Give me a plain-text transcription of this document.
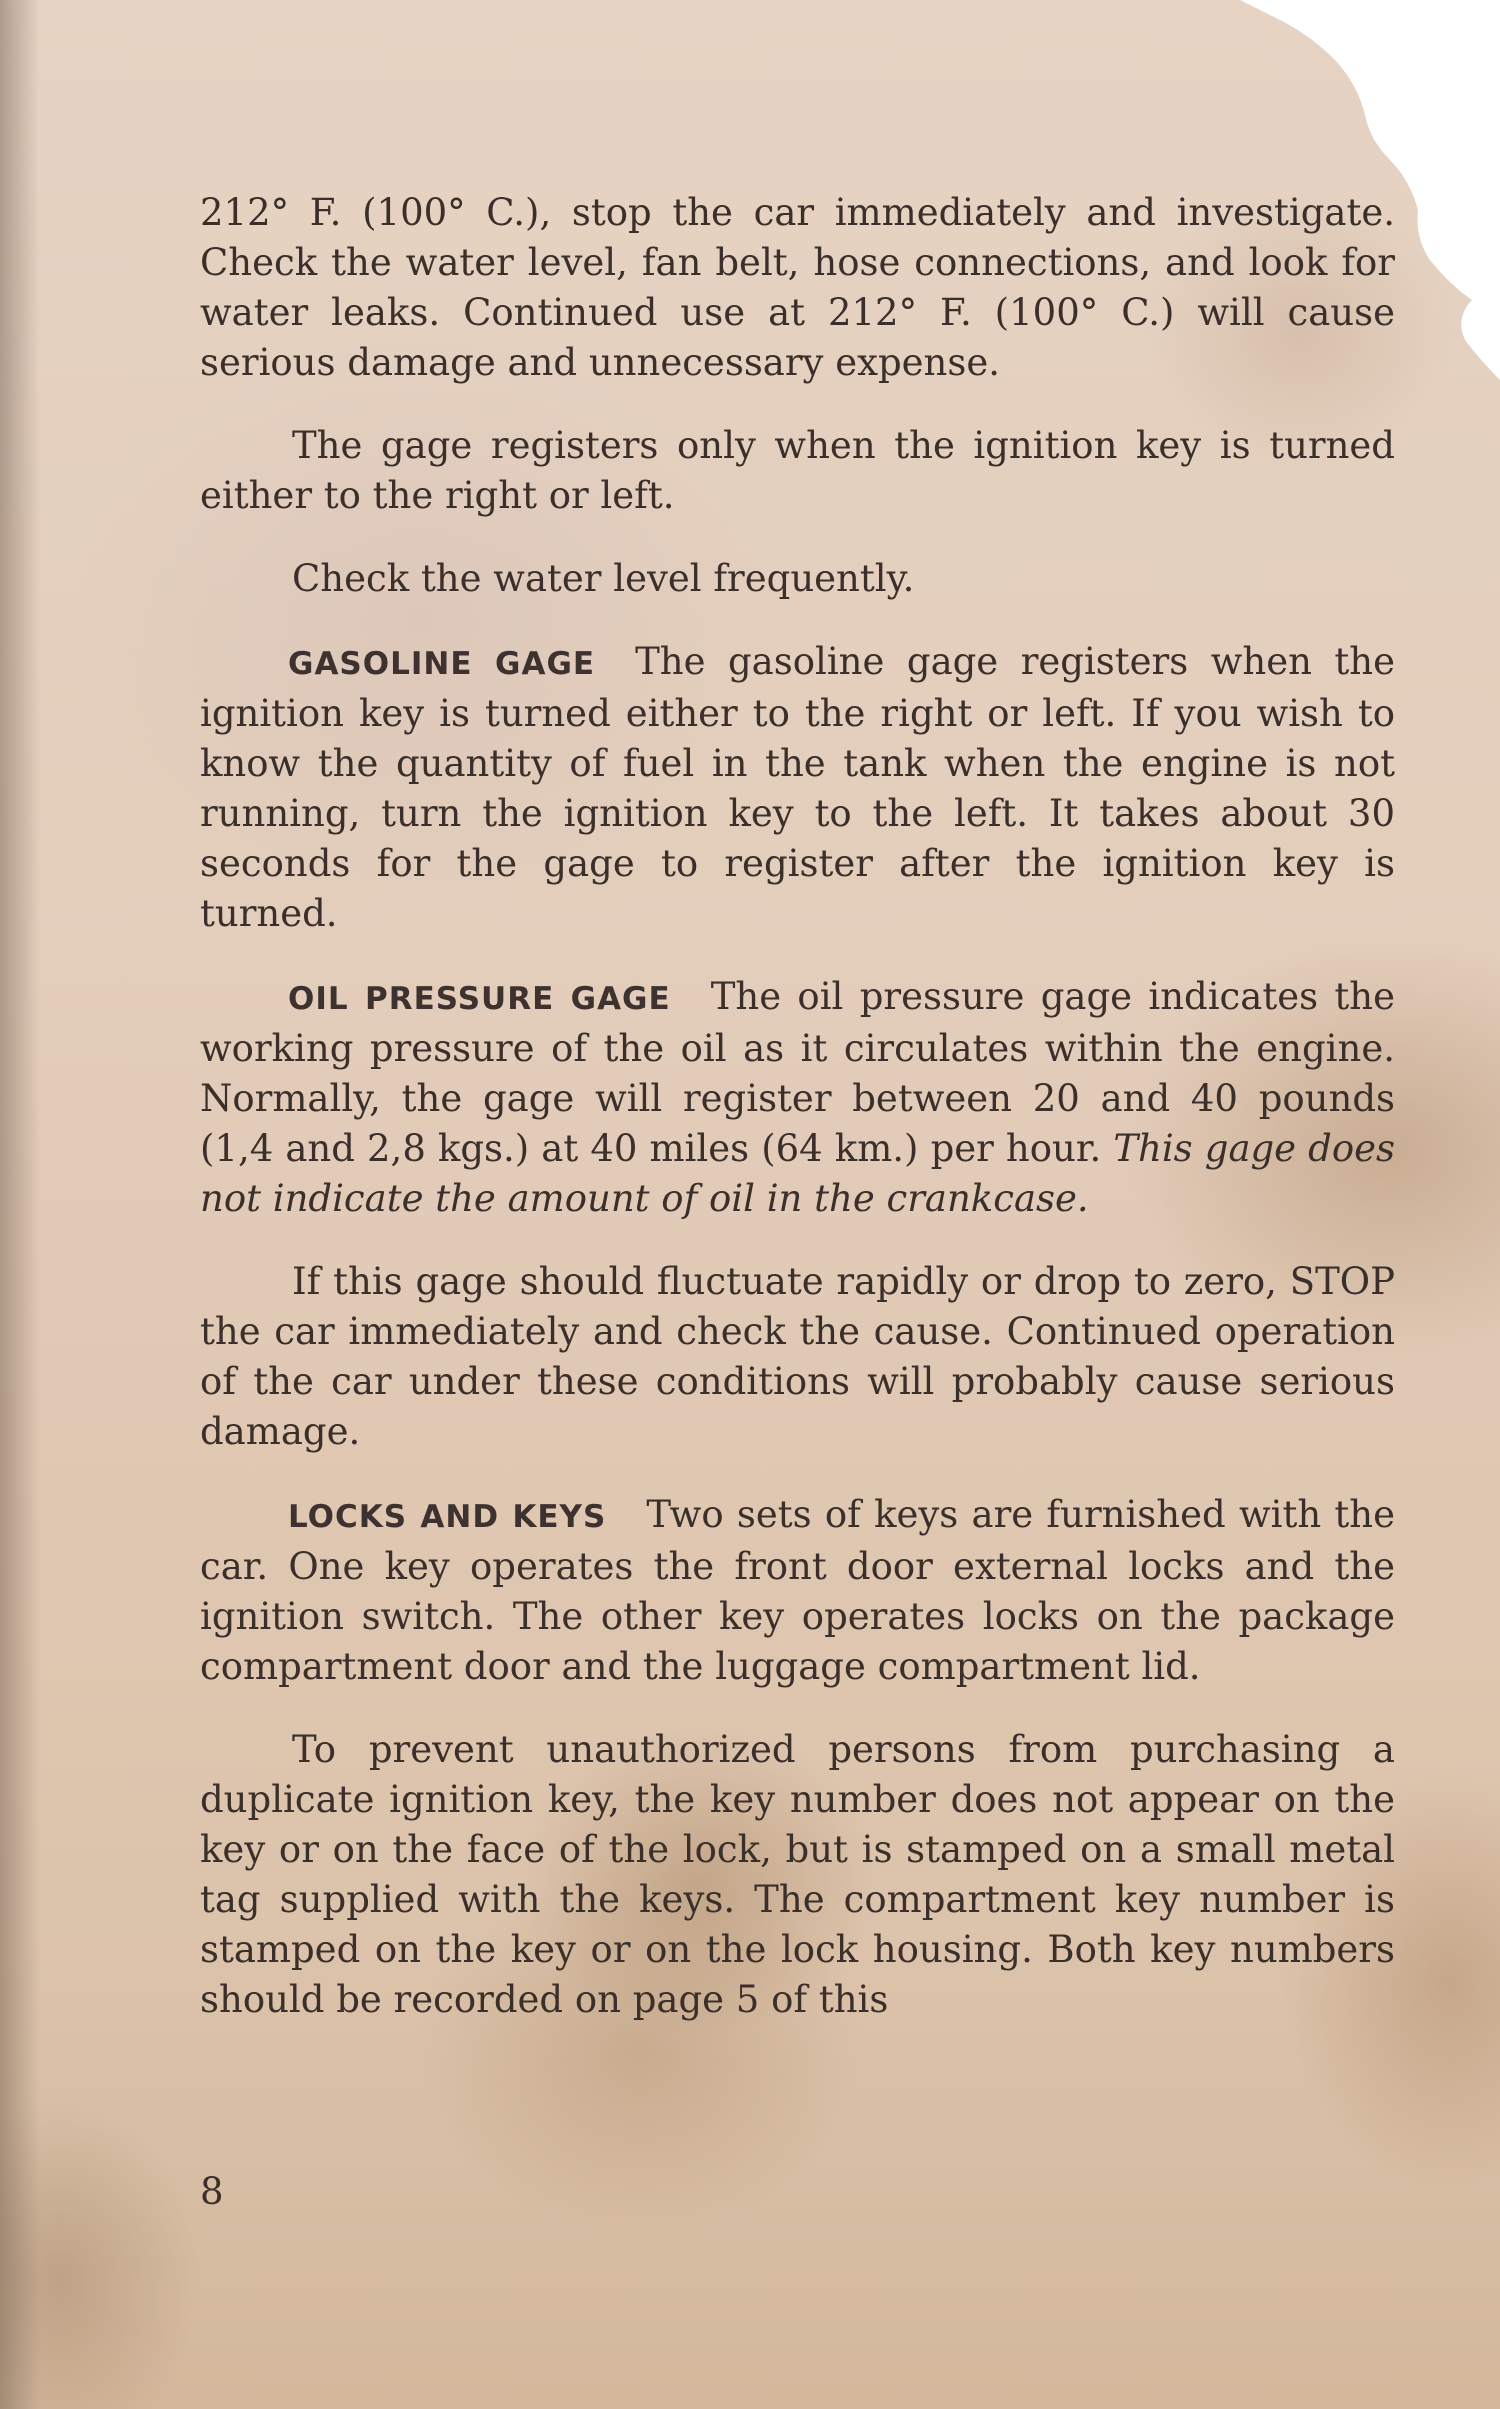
212° F. (100° C.), stop the car immediately and investigate. Check the water level, fan belt, hose connections, and look for water leaks. Continued use at 212° F. (100° C.) will cause serious damage and unnecessary expense.

The gage registers only when the ignition key is turned either to the right or left.

Check the water level frequently.

GASOLINE GAGE The gasoline gage registers when the ignition key is turned either to the right or left. If you wish to know the quantity of fuel in the tank when the engine is not running, turn the ignition key to the left. It takes about 30 seconds for the gage to register after the ignition key is turned.

OIL PRESSURE GAGE The oil pressure gage indicates the working pressure of the oil as it circulates within the engine. Normally, the gage will register between 20 and 40 pounds (1,4 and 2,8 kgs.) at 40 miles (64 km.) per hour. This gage does not indicate the amount of oil in the crankcase.

If this gage should fluctuate rapidly or drop to zero, STOP the car immediately and check the cause. Continued operation of the car under these conditions will probably cause serious damage.

LOCKS AND KEYS Two sets of keys are furnished with the car. One key operates the front door external locks and the ignition switch. The other key operates locks on the package compartment door and the luggage compartment lid.

To prevent unauthorized persons from purchasing a duplicate ignition key, the key number does not appear on the key or on the face of the lock, but is stamped on a small metal tag supplied with the keys. The compartment key number is stamped on the key or on the lock housing. Both key numbers should be recorded on page 5 of this

8
